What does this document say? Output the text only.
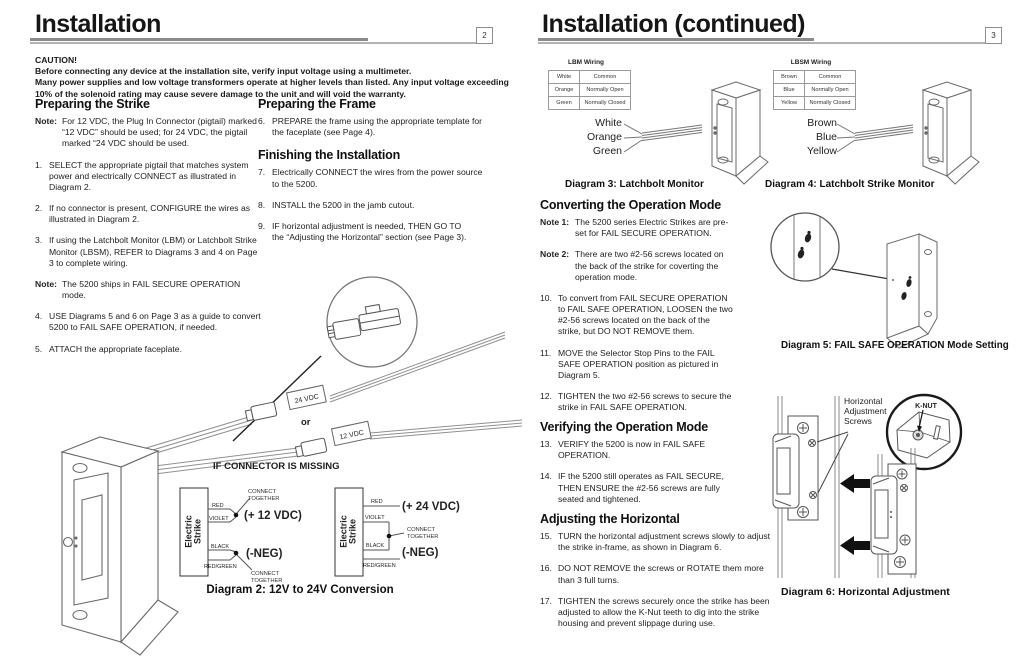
Installation	2
CAUTION!
Before connecting any device at the installation site, verify input voltage using a multimeter.
Many power supplies and low voltage transformers operate at higher levels than listed. Any input voltage exceeding
10% of the solenoid rating may cause severe damage to the unit and will void the warranty.
Preparing the Strike
Note: For 12 VDC, the Plug In Connector (pigtail) marked “12 VDC” should be used; for 24 VDC, the pigtail marked “24 VDC should be used.
1. SELECT the appropriate pigtail that matches system power and electrically CONNECT as illustrated in Diagram 2.
2. If no connector is present, CONFIGURE the wires as illustrated in Diagram 2.
3. If using the Latchbolt Monitor (LBM) or Latchbolt Strike Monitor (LBSM), REFER to Diagrams 3 and 4 on Page 3 to complete wiring.
Note: The 5200 ships in FAIL SECURE OPERATION mode.
4. USE Diagrams 5 and 6 on Page 3 as a guide to convert 5200 to FAIL SAFE OPERATION, if needed.
5. ATTACH the appropriate faceplate.
Preparing the Frame
6. PREPARE the frame using the appropriate template for the faceplate (see Page 4).
Finishing the Installation
7. Electrically CONNECT the wires from the power source to the 5200.
8. INSTALL the 5200 in the jamb cutout.
9. IF horizontal adjustment is needed, THEN GO TO the “Adjusting the Horizontal” section (see Page 3).
24 VDC
or
12 VDC
RED
VIOLET
BLACK
RED/GREEN
(+ 12 VDC)
(-NEG)
RED
VIOLET
BLACK
RED/GREEN
(+ 24 VDC)
(-NEG)
IF CONNECTOR IS MISSING
Electric Strike	Electric Strike
CONNECT TOGETHER
CONNECT TOGETHER
CONNECT TOGETHER
Diagram 2: 12V to 24V Conversion
Installation (continued)	3
LBM Wiring
White	Common
Orange	Normally Open
Green	Normally Closed
LBSM Wiring
Brown	Common
Blue	Normally Open
Yellow	Normally Closed
White
Orange
Green
Diagram 3: Latchbolt Monitor
Brown
Blue
Yellow
Diagram 4: Latchbolt Strike Monitor
Converting the Operation Mode
Note 1: The 5200 series Electric Strikes are pre-set for FAIL SECURE OPERATION.
Note 2: There are two #2-56 screws located on the back of the strike for coverting the operation mode.
10. To convert from FAIL SECURE OPERATION to FAIL SAFE OPERATION, LOOSEN the two #2-56 screws located on the back of the strike, but DO NOT REMOVE them.
11. MOVE the Selector Stop Pins to the FAIL SAFE OPERATION position as pictured in Diagram 5.
12. TIGHTEN the two #2-56 screws to secure the strike in FAIL SAFE OPERATION.
Verifying the Operation Mode
13. VERIFY the 5200 is now in FAIL SAFE OPERATION.
14. IF the 5200 still operates as FAIL SECURE, THEN ENSURE the #2-56 screws are fully seated and tightened.
Adjusting the Horizontal
15. TURN the horizontal adjustment screws slowly to adjust the strike in-frame, as shown in Diagram 6.
16. DO NOT REMOVE the screws or ROTATE them more than 3 full turns.
17. TIGHTEN the screws securely once the strike has been adjusted to allow the K-Nut teeth to dig into the strike housing and prevent slippage during use.
Diagram 5: FAIL SAFE OPERATION Mode Setting
Horizontal Adjustment Screws
K-NUT
Diagram 6: Horizontal Adjustment
